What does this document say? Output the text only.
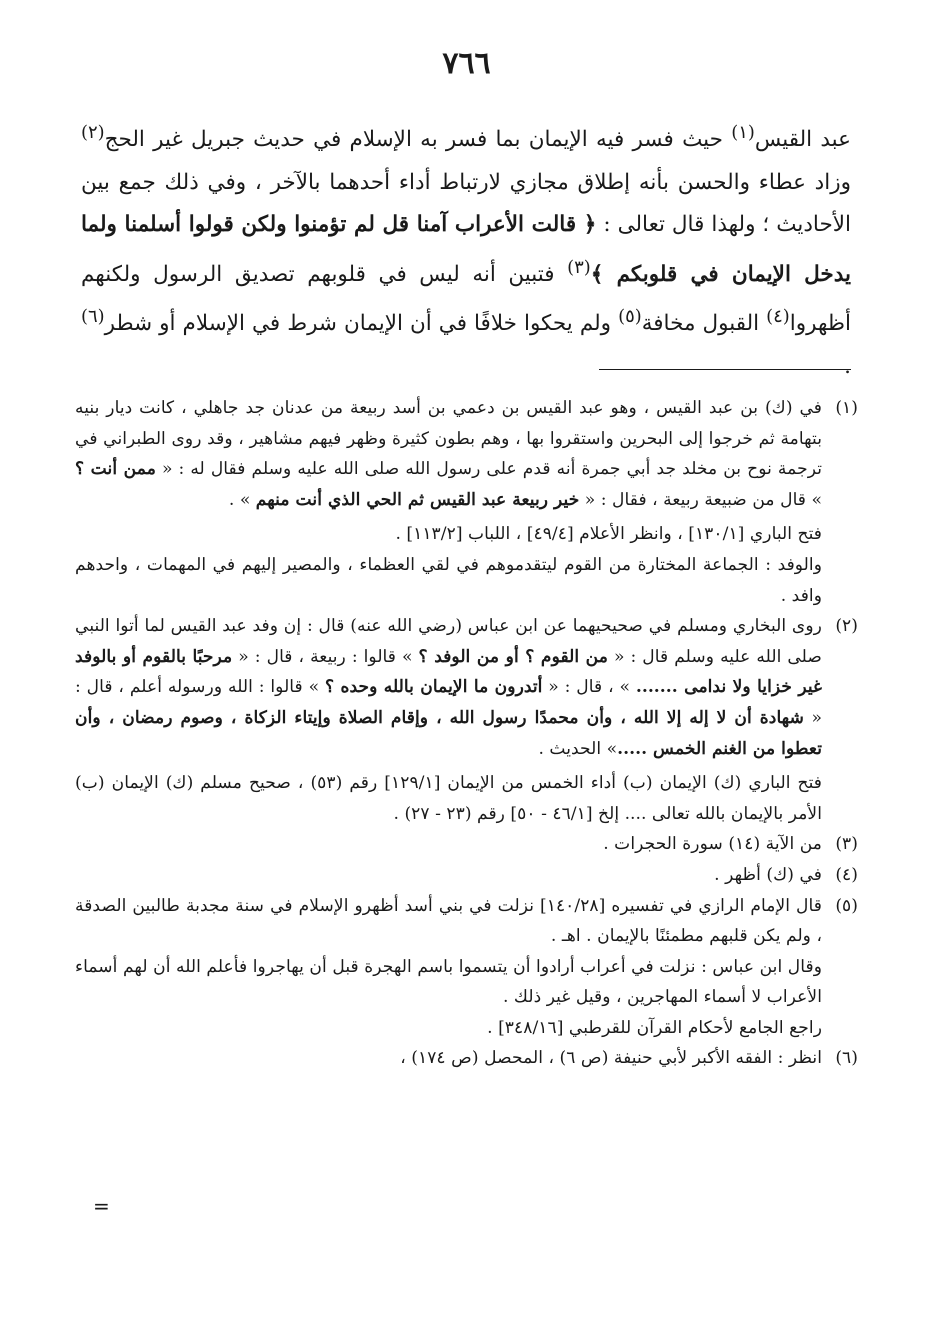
٧٦٦

عبد القيس$^{(١)}$ حيث فسر فيه الإيمان بما فسر به الإسلام في حديث جبريل غير الحج$^{(٢)}$ وزاد عطاء والحسن بأنه إطلاق مجازي لارتباط أداء أحدهما بالآخر ، وفي ذلك جمع بين الأحاديث ؛ ولهذا قال تعالى : ﴿ قالت الأعراب آمنا قل لم تؤمنوا ولكن قولوا أسلمنا ولما يدخل الإيمان في قلوبكم ﴾$^{(٣)}$ فتبين أنه ليس في قلوبهم تصديق الرسول ولكنهم أظهروا$^{(٤)}$ القبول مخافة$^{(٥)}$ ولم يحكوا خلافًا في أن الإيمان شرط في الإسلام أو شطر$^{(٦)}$ .

(١)

في (ك) بن عبد القيس ، وهو عبد القيس بن دعمي بن أسد ربيعة من عدنان جد جاهلي ، كانت ديار بنيه بتهامة ثم خرجوا إلى البحرين واستقروا بها ، وهم بطون كثيرة وظهر فيهم مشاهير ، وقد روى الطبراني في ترجمة نوح بن مخلد جد أبي جمرة أنه قدم على رسول الله صلى الله عليه وسلم فقال له : « ممن أنت ؟ » قال من ضبيعة ربيعة ، فقال : « خير ربيعة عبد القيس ثم الحي الذي أنت منهم » .

فتح الباري [١٣٠/١] ، وانظر الأعلام [٤٩/٤] ، اللباب [١١٣/٢] .

والوفد : الجماعة المختارة من القوم ليتقدموهم في لقي العظماء ، والمصير إليهم في المهمات ، واحدهم وافد .

(٢)

روى البخاري ومسلم في صحيحيهما عن ابن عباس (رضي الله عنه) قال : إن وفد عبد القيس لما أتوا النبي صلى الله عليه وسلم قال : « من القوم ؟ أو من الوفد ؟ » قالوا : ربيعة ، قال : « مرحبًا بالقوم أو بالوفد غير خزايا ولا ندامى ....... » ، قال : « أتدرون ما الإيمان بالله وحده ؟ » قالوا : الله ورسوله أعلم ، قال : « شهادة أن لا إله إلا الله ، وأن محمدًا رسول الله ، وإقام الصلاة وإيتاء الزكاة ، وصوم رمضان ، وأن تعطوا من الغنم الخمس .....» الحديث .

فتح الباري (ك) الإيمان (ب) أداء الخمس من الإيمان [١٢٩/١] رقم (٥٣) ، صحيح مسلم (ك) الإيمان (ب) الأمر بالإيمان بالله تعالى .... إلخ [٤٦/١ - ٥٠] رقم (٢٣ - ٢٧) .

(٣)

من الآية (١٤) سورة الحجرات .

(٤)

في (ك) أظهر .

(٥)

قال الإمام الرازي في تفسيره [١٤٠/٢٨] نزلت في بني أسد أظهرو الإسلام في سنة مجدبة طالبين الصدقة ، ولم يكن قلبهم مطمئنًا بالإيمان . اهـ .

وقال ابن عباس : نزلت في أعراب أرادوا أن يتسموا باسم الهجرة قبل أن يهاجروا فأعلم الله أن لهم أسماء الأعراب لا أسماء المهاجرين ، وقيل غير ذلك .

راجع الجامع لأحكام القرآن للقرطبي [٣٤٨/١٦] .

(٦)

انظر : الفقه الأكبر لأبي حنيفة (ص ٦) ، المحصل (ص ١٧٤) ،

=
